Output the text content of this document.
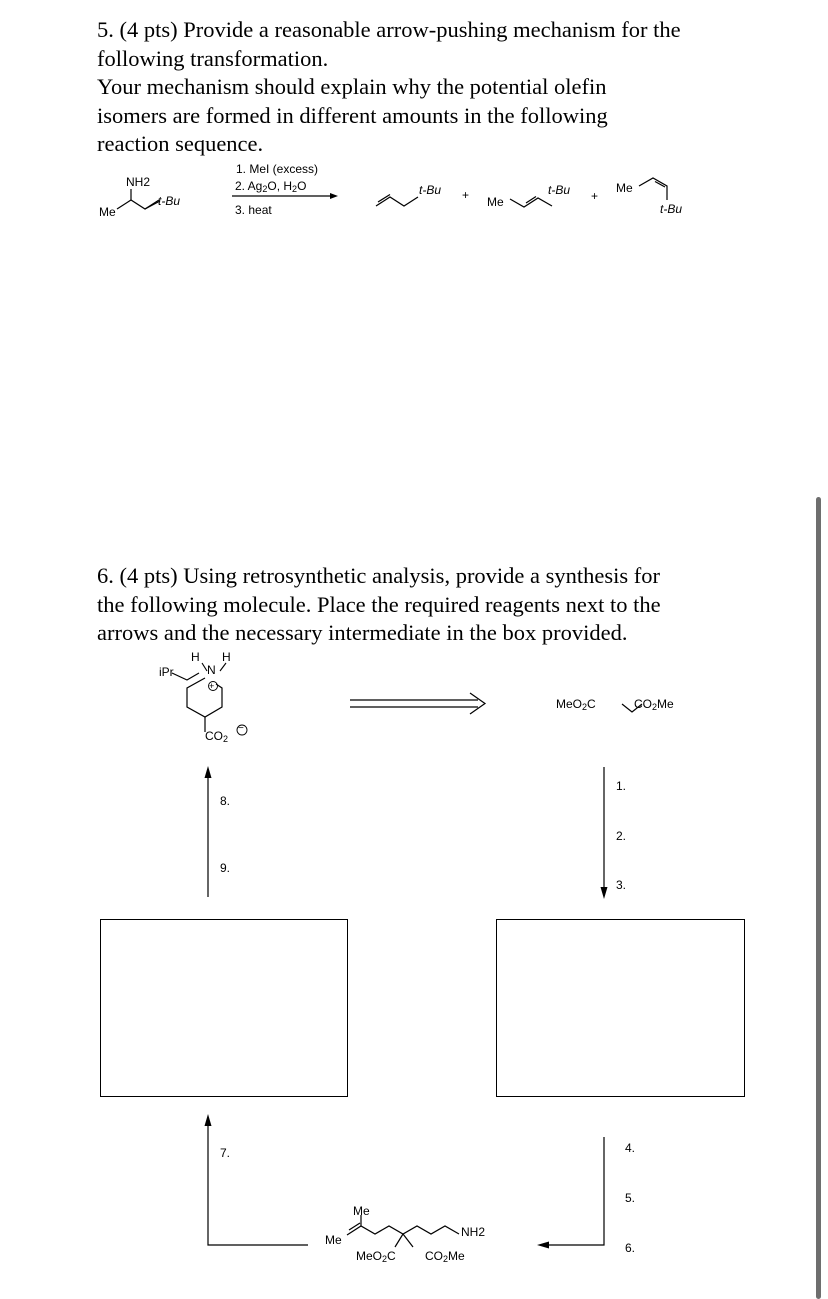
5. (4 pts) Provide a reasonable arrow-pushing mechanism for the
following transformation.
Your mechanism should explain why the potential olefin
isomers are formed in different amounts in the following
reaction sequence.
NH2
Me
t-Bu
1. MeI (excess)
2. $Ag_2O$, $H_2O$
3. heat
t-Bu + Me
t-Bu +
Me
t-Bu
6. (4 pts) Using retrosynthetic analysis, provide a synthesis for
the following molecule. Place the required reagents next to the
arrows and the necessary intermediate in the box provided.
H H
N
iPr
+
$CO_2$
−
MeO$_2$C	$CO_2Me$
1.
2.
3.
4.
5.
6.
7.
8.
9.
Me
Me
NH2
MeO$_2$C $CO_2Me$
